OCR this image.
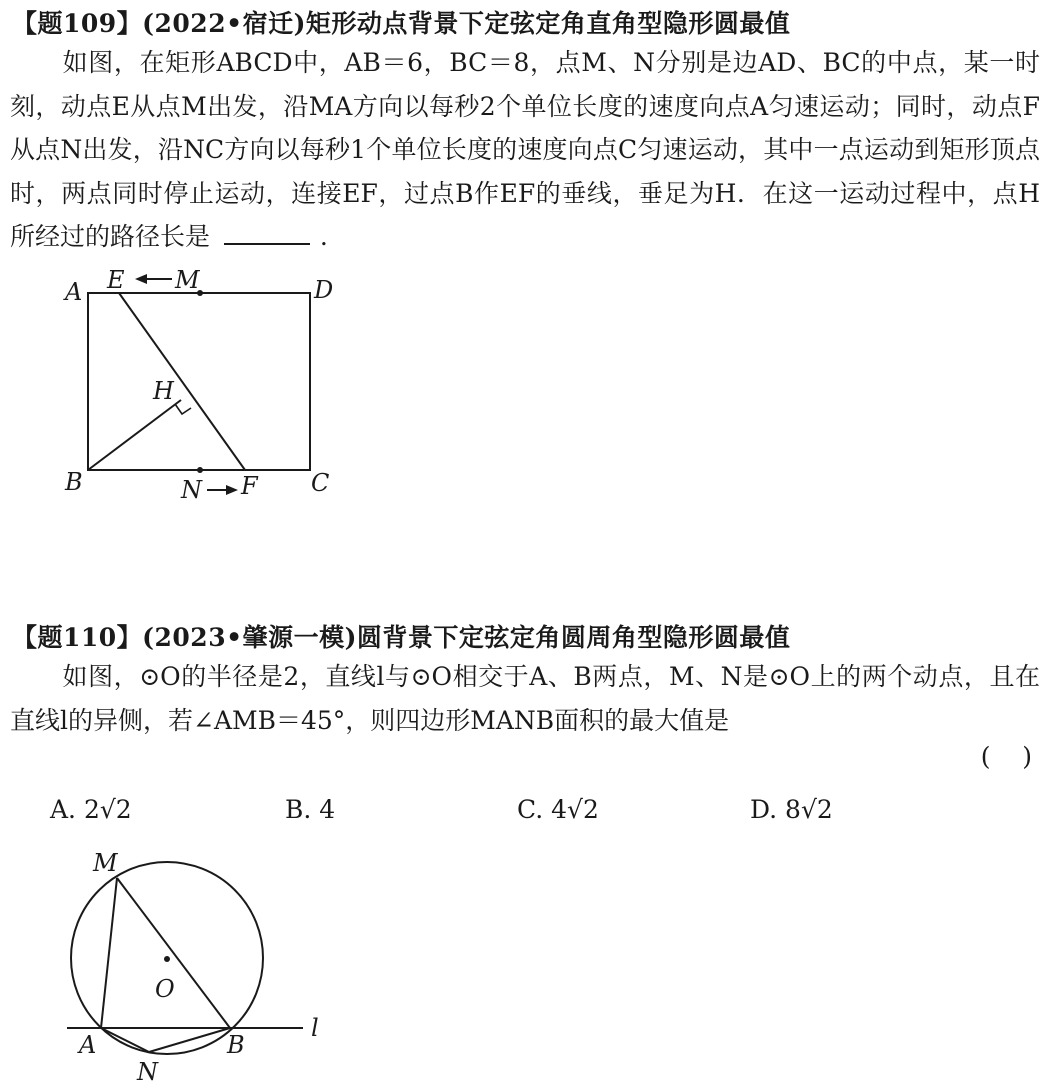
【题109】(2022•宿迁)矩形动点背景下定弦定角直角型隐形圆最值
如图，在矩形ABCD中，AB＝6，BC＝8，点M、N分别是边AD、BC的中点，某一时刻，动点E从点M出发，沿MA方向以每秒2个单位长度的速度向点A匀速运动；同时，动点F从点N出发，沿NC方向以每秒1个单位长度的速度向点C匀速运动，其中一点运动到矩形顶点时，两点同时停止运动，连接EF，过点B作EF的垂线，垂足为H．在这一运动过程中，点H所经过的路径长是	．
A E M	D
H
B	N F C
【题110】(2023•肇源一模)圆背景下定弦定角圆周角型隐形圆最值
如图，⊙O的半径是2，直线l与⊙O相交于A、B两点，M、N是⊙O上的两个动点，且在直线l的异侧，若∠AMB＝45°，则四边形MANB面积的最大值是
(    )
A. 2√2	B. 4	C. 4√2	D. 8√2
M
O
A	B
N
l
